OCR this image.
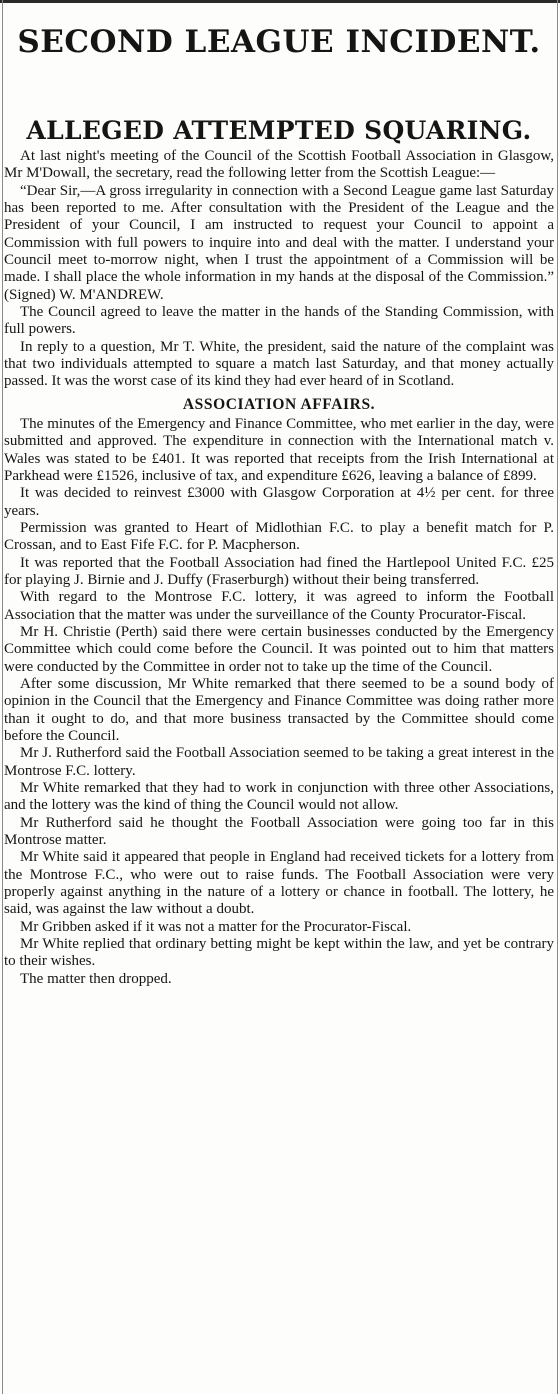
SECOND LEAGUE INCIDENT.
ALLEGED ATTEMPTED SQUARING.

At last night's meeting of the Council of the Scottish Football Association in Glasgow, Mr M'Dowall, the secretary, read the following letter from the Scottish League:—

“Dear Sir,—A gross irregularity in connection with a Second League game last Saturday has been reported to me. After consultation with the President of the League and the President of your Council, I am instructed to request your Council to appoint a Commission with full powers to inquire into and deal with the matter. I understand your Council meet to-morrow night, when I trust the appointment of a Commission will be made. I shall place the whole information in my hands at the disposal of the Commission.” (Signed) W. M'ANDREW.

The Council agreed to leave the matter in the hands of the Standing Commission, with full powers.

In reply to a question, Mr T. White, the president, said the nature of the complaint was that two individuals attempted to square a match last Saturday, and that money actually passed. It was the worst case of its kind they had ever heard of in Scotland.

ASSOCIATION AFFAIRS.

The minutes of the Emergency and Finance Committee, who met earlier in the day, were submitted and approved. The expenditure in connection with the International match v. Wales was stated to be £401. It was reported that receipts from the Irish International at Parkhead were £1526, inclusive of tax, and expenditure £626, leaving a balance of £899.

It was decided to reinvest £3000 with Glasgow Corporation at 4½ per cent. for three years.

Permission was granted to Heart of Midlothian F.C. to play a benefit match for P. Crossan, and to East Fife F.C. for P. Macpherson.

It was reported that the Football Association had fined the Hartlepool United F.C. £25 for playing J. Birnie and J. Duffy (Fraserburgh) without their being transferred.

With regard to the Montrose F.C. lottery, it was agreed to inform the Football Association that the matter was under the surveillance of the County Procurator-Fiscal.

Mr H. Christie (Perth) said there were certain businesses conducted by the Emergency Committee which could come before the Council. It was pointed out to him that matters were conducted by the Committee in order not to take up the time of the Council.

After some discussion, Mr White remarked that there seemed to be a sound body of opinion in the Council that the Emergency and Finance Committee was doing rather more than it ought to do, and that more business transacted by the Committee should come before the Council.

Mr J. Rutherford said the Football Association seemed to be taking a great interest in the Montrose F.C. lottery.

Mr White remarked that they had to work in conjunction with three other Associations, and the lottery was the kind of thing the Council would not allow.

Mr Rutherford said he thought the Football Association were going too far in this Montrose matter.

Mr White said it appeared that people in England had received tickets for a lottery from the Montrose F.C., who were out to raise funds. The Football Association were very properly against anything in the nature of a lottery or chance in football. The lottery, he said, was against the law without a doubt.

Mr Gribben asked if it was not a matter for the Procurator-Fiscal.

Mr White replied that ordinary betting might be kept within the law, and yet be contrary to their wishes.

The matter then dropped.
